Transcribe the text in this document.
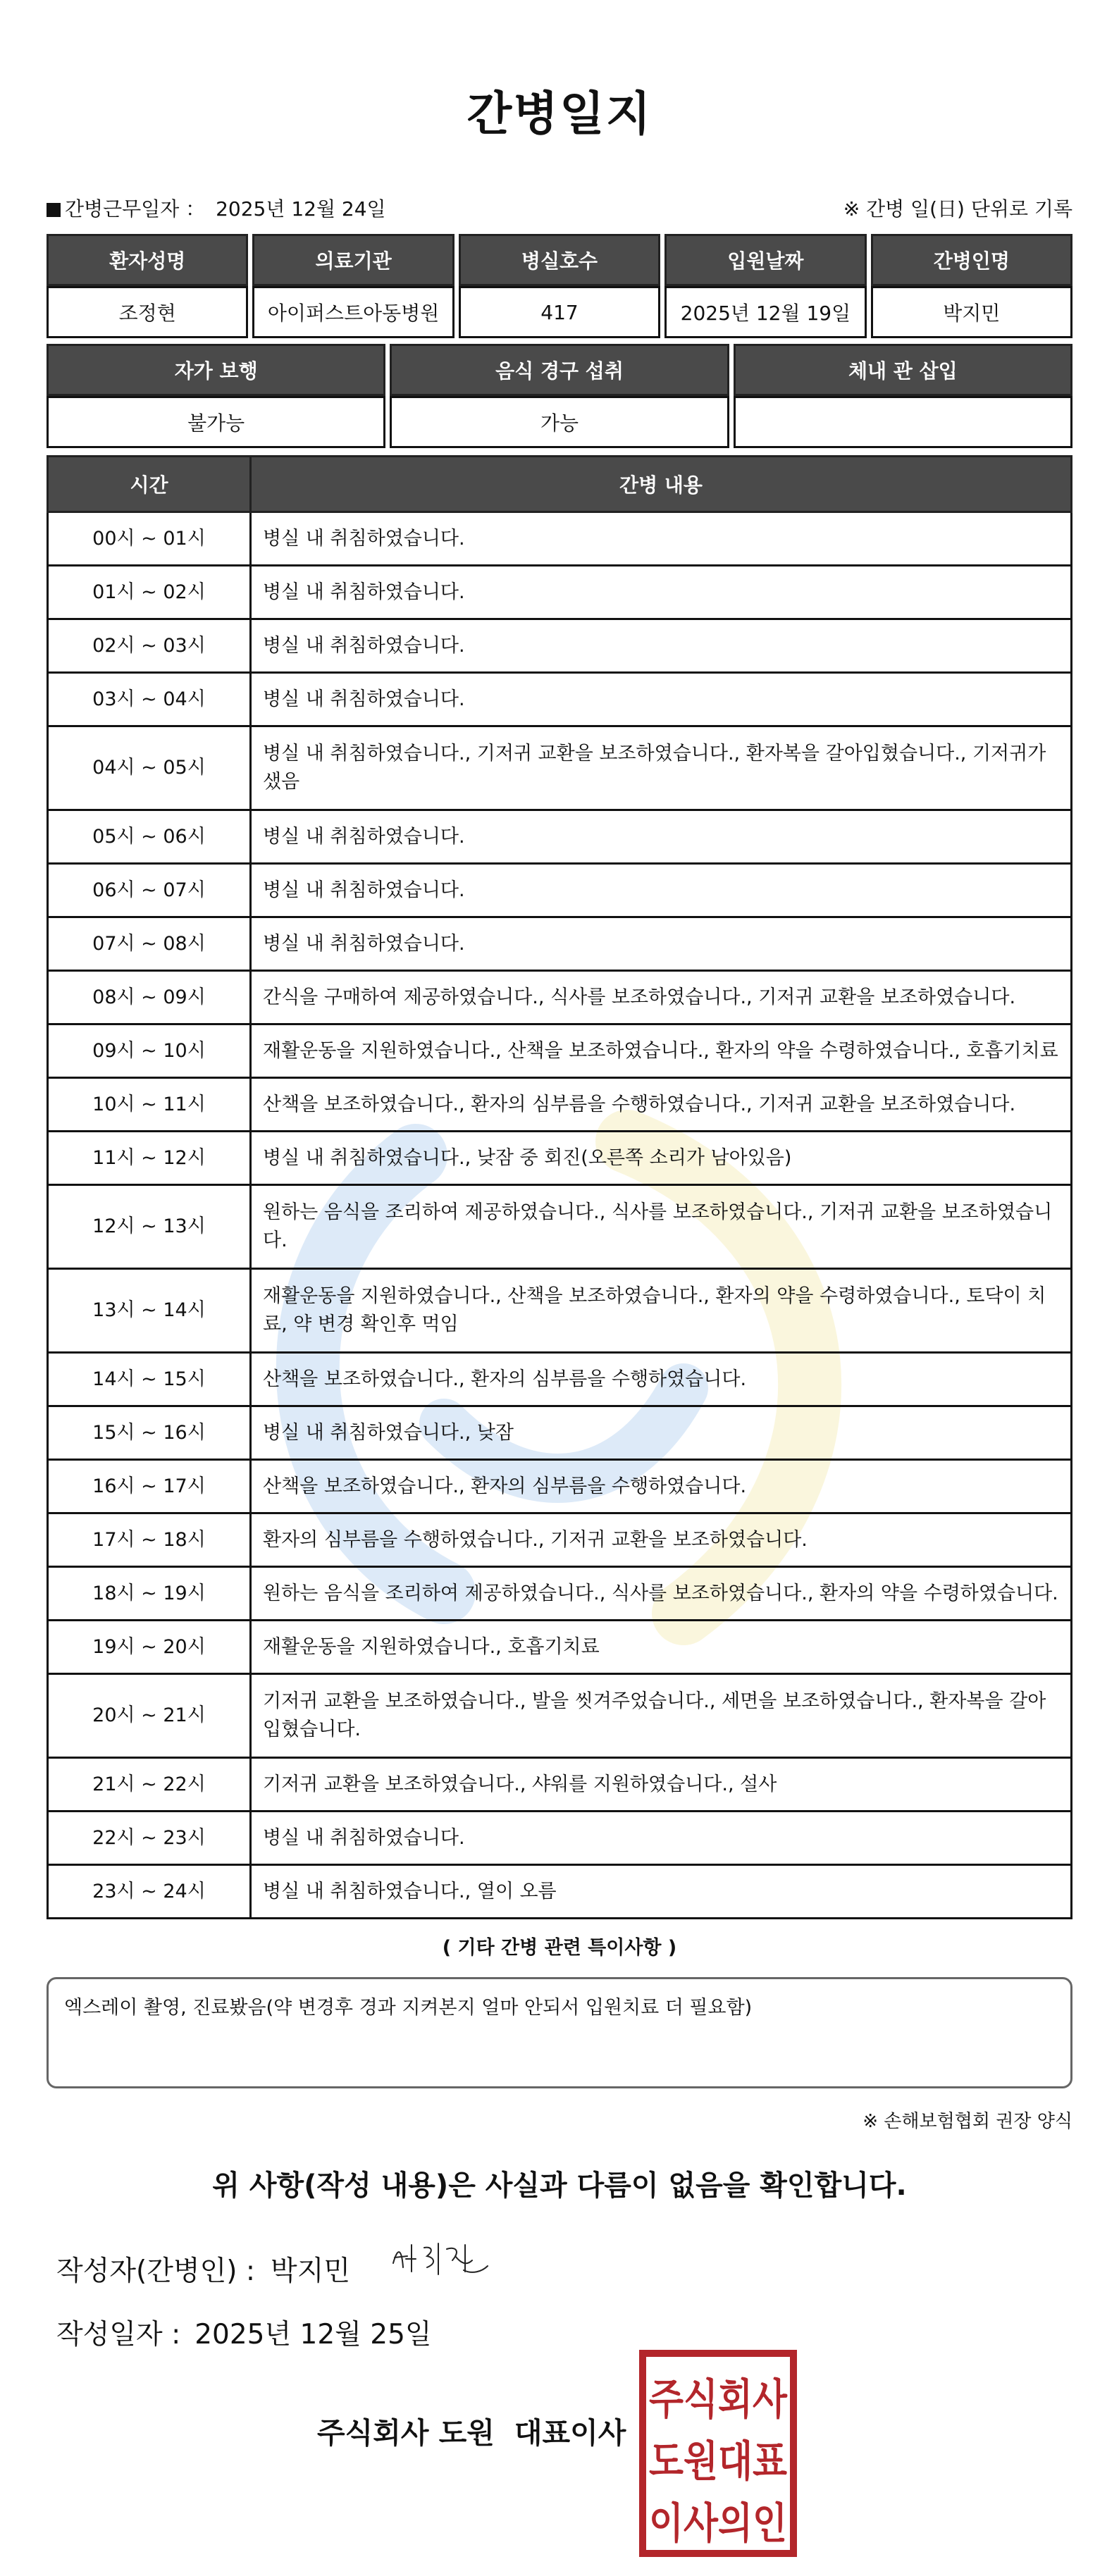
간병일지
간병근무일자 ： 2025년 12월 24일	※ 간병 일(日) 단위로 기록
환자성명	의료기관	병실호수	입원날짜	간병인명
조정현	아이퍼스트아동병원	417	2025년 12월 19일	박지민
자가 보행	음식 경구 섭취	체내 관 삽입
불가능	가능
시간	간병 내용
00시 ~ 01시	병실 내 취침하였습니다.
01시 ~ 02시	병실 내 취침하였습니다.
02시 ~ 03시	병실 내 취침하였습니다.
03시 ~ 04시	병실 내 취침하였습니다.
04시 ~ 05시	병실 내 취침하였습니다., 기저귀 교환을 보조하였습니다., 환자복을 갈아입혔습니다., 기저귀가 샜음
05시 ~ 06시	병실 내 취침하였습니다.
06시 ~ 07시	병실 내 취침하였습니다.
07시 ~ 08시	병실 내 취침하였습니다.
08시 ~ 09시	간식을 구매하여 제공하였습니다., 식사를 보조하였습니다., 기저귀 교환을 보조하였습니다.
09시 ~ 10시	재활운동을 지원하였습니다., 산책을 보조하였습니다., 환자의 약을 수령하였습니다., 호흡기치료
10시 ~ 11시	산책을 보조하였습니다., 환자의 심부름을 수행하였습니다., 기저귀 교환을 보조하였습니다.
11시 ~ 12시	병실 내 취침하였습니다., 낮잠 중 회진(오른쪽 소리가 남아있음)
12시 ~ 13시	원하는 음식을 조리하여 제공하였습니다., 식사를 보조하였습니다., 기저귀 교환을 보조하였습니다.
13시 ~ 14시	재활운동을 지원하였습니다., 산책을 보조하였습니다., 환자의 약을 수령하였습니다., 토닥이 치료, 약 변경 확인후 먹임
14시 ~ 15시	산책을 보조하였습니다., 환자의 심부름을 수행하였습니다.
15시 ~ 16시	병실 내 취침하였습니다., 낮잠
16시 ~ 17시	산책을 보조하였습니다., 환자의 심부름을 수행하였습니다.
17시 ~ 18시	환자의 심부름을 수행하였습니다., 기저귀 교환을 보조하였습니다.
18시 ~ 19시	원하는 음식을 조리하여 제공하였습니다., 식사를 보조하였습니다., 환자의 약을 수령하였습니다.
19시 ~ 20시	재활운동을 지원하였습니다., 호흡기치료
20시 ~ 21시	기저귀 교환을 보조하였습니다., 발을 씻겨주었습니다., 세면을 보조하였습니다., 환자복을 갈아입혔습니다.
21시 ~ 22시	기저귀 교환을 보조하였습니다., 샤워를 지원하였습니다., 설사
22시 ~ 23시	병실 내 취침하였습니다.
23시 ~ 24시	병실 내 취침하였습니다., 열이 오름
( 기타 간병 관련 특이사항 )
엑스레이 촬영, 진료봤음(약 변경후 경과 지켜본지 얼마 안되서 입원치료 더 필요함)
※ 손해보험협회 권장 양식
위 사항(작성 내용)은 사실과 다름이 없음을 확인합니다.
작성자(간병인) : 박지민
작성일자 : 2025년 12월 25일
주식회사 도원 대표이사
주식회사
도원대표
이사의인
